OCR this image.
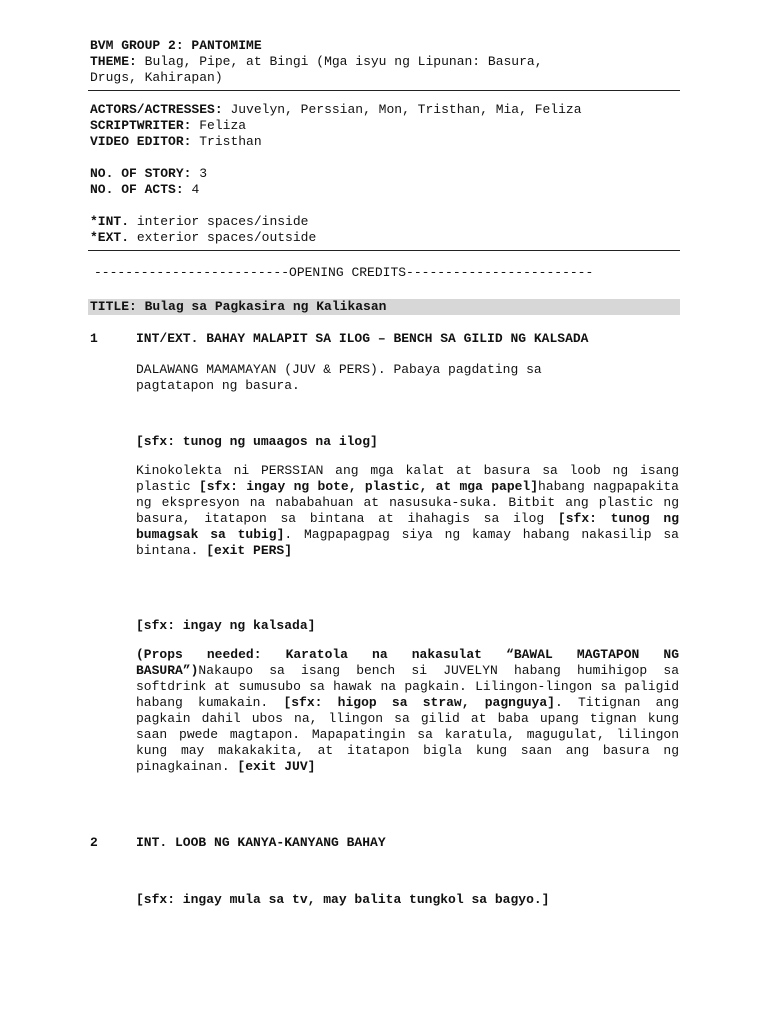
BVM GROUP 2: PANTOMIME
THEME: Bulag, Pipe, at Bingi (Mga isyu ng Lipunan: Basura,
Drugs, Kahirapan)
ACTORS/ACTRESSES: Juvelyn, Perssian, Mon, Tristhan, Mia, Feliza
SCRIPTWRITER: Feliza
VIDEO EDITOR: Tristhan
NO. OF STORY: 3
NO. OF ACTS: 4
*INT. interior spaces/inside
*EXT. exterior spaces/outside
-------------------------OPENING CREDITS------------------------
TITLE: Bulag sa Pagkasira ng Kalikasan
1	INT/EXT. BAHAY MALAPIT SA ILOG – BENCH SA GILID NG KALSADA
DALAWANG MAMAMAYAN (JUV & PERS). Pabaya pagdating sa pagtatapon ng basura.
[sfx: tunog ng umaagos na ilog]
Kinokolekta ni PERSSIAN ang mga kalat at basura sa loob ng isang plastic [sfx: ingay ng bote, plastic, at mga papel]habang nagpapakita ng ekspresyon na nababahuan at nasusuka-suka. Bitbit ang plastic ng basura, itatapon sa bintana at ihahagis sa ilog [sfx: tunog ng bumagsak sa tubig]. Magpapagpag siya ng kamay habang nakasilip sa bintana. [exit PERS]
[sfx: ingay ng kalsada]
(Props needed: Karatola na nakasulat “BAWAL MAGTAPON NG BASURA”)Nakaupo sa isang bench si JUVELYN habang humihigop sa softdrink at sumusubo sa hawak na pagkain. Lilingon-lingon sa paligid habang kumakain. [sfx: higop sa straw, pagnguya]. Titignan ang pagkain dahil ubos na, llingon sa gilid at baba upang tignan kung saan pwede magtapon. Mapapatingin sa karatula, magugulat, lilingon kung may makakakita, at itatapon bigla kung saan ang basura ng pinagkainan. [exit JUV]
2	INT. LOOB NG KANYA-KANYANG BAHAY
[sfx: ingay mula sa tv, may balita tungkol sa bagyo.]
